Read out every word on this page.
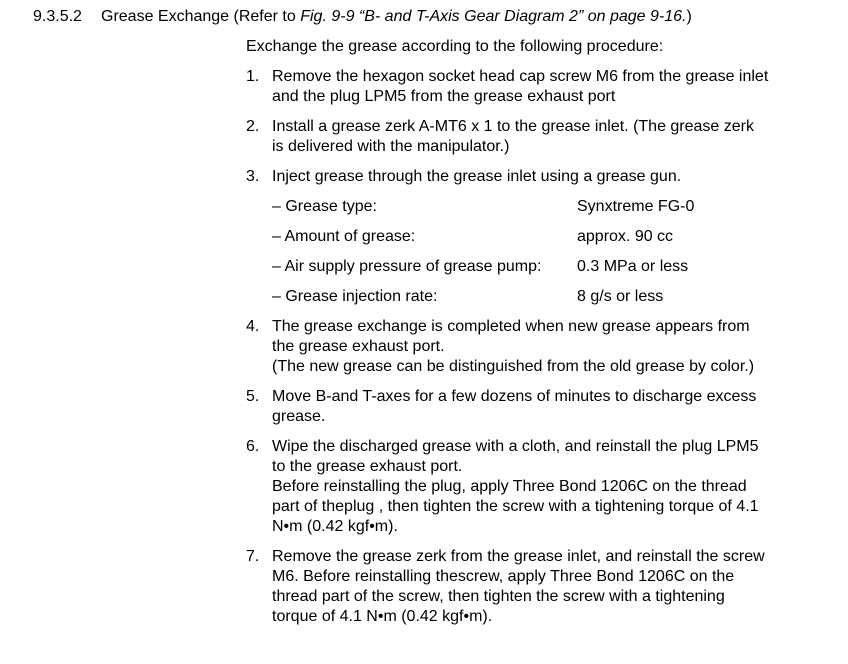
9.3.5.2 Grease Exchange (Refer to Fig. 9-9 “B- and T-Axis Gear Diagram 2” on page 9-16.)
Exchange the grease according to the following procedure:
1. Remove the hexagon socket head cap screw M6 from the grease inlet
and the plug LPM5 from the grease exhaust port
2. Install a grease zerk A-MT6 x 1 to the grease inlet. (The grease zerk
is delivered with the manipulator.)
3. Inject grease through the grease inlet using a grease gun.
– Grease type:	Synxtreme FG-0
– Amount of grease:	approx. 90 cc
– Air supply pressure of grease pump: 0.3 MPa or less
– Grease injection rate:	8 g/s or less
4. The grease exchange is completed when new grease appears from
the grease exhaust port.
(The new grease can be distinguished from the old grease by color.)
5. Move B-and T-axes for a few dozens of minutes to discharge excess
grease.
6. Wipe the discharged grease with a cloth, and reinstall the plug LPM5
to the grease exhaust port.
Before reinstalling the plug, apply Three Bond 1206C on the thread
part of theplug , then tighten the screw with a tightening torque of 4.1
N•m (0.42 kgf•m).
7. Remove the grease zerk from the grease inlet, and reinstall the screw
M6. Before reinstalling thescrew, apply Three Bond 1206C on the
thread part of the screw, then tighten the screw with a tightening
torque of 4.1 N•m (0.42 kgf•m).
